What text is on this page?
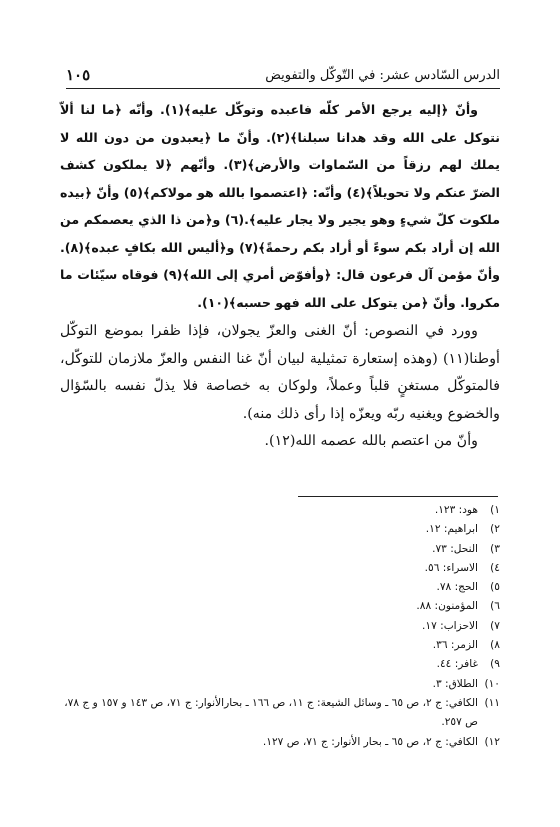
الدرس السّادس عشر: في التّوكّل والتفويض
١٠٥

وأنّ ﴿إليه يرجع الأمر كلّه فاعبده وتوكّل عليه﴾(١). وأنّه ﴿ما لنا ألاّ نتوكل على الله وقد هدانا سبلنا﴾(٢). وأنّ ما ﴿يعبدون من دون الله لا يملك لهم رزقاً من السّماوات والأرض﴾(٣). وأنّهم ﴿لا يملكون كشف الضرّ عنكم ولا تحويلاً﴾(٤) وأنّه: ﴿اعتصموا بالله هو مولاكم﴾(٥) وأنّ ﴿بيده ملكوت كلّ شيءٍ وهو يجير ولا يجار عليه﴾.(٦) و﴿من ذا الذي يعصمكم من الله إن أراد بكم سوءً أو أراد بكم رحمةً﴾(٧) و﴿أليس الله بكافٍ عبده﴾(٨). وأنّ مؤمن آل فرعون قال: ﴿وأفوّض أمري إلى الله﴾(٩) فوقاه سيّئات ما مكروا. وأنّ ﴿من يتوكل على الله فهو حسبه﴾(١٠).

وورد في النصوص: أنّ الغنى والعزّ يجولان، فإذا ظفرا بموضع التوكّل أوطنا(١١) (وهذه إستعارة تمثيلية لبيان أنّ غنا النفس والعزّ ملازمان للتوكّل، فالمتوكّل مستغنٍ قلباً وعملاً، ولوكان به خصاصة فلا يذلّ نفسه بالسّؤال والخضوع ويغنيه ربّه ويعزّه إذا رأى ذلك منه).

وأنّ من اعتصم بالله عصمه الله(١٢).

١)
هود: ١٢٣.
٢)
ابراهيم: ١٢.
٣)
النحل: ٧٣.
٤)
الاسراء: ٥٦.
٥)
الحج: ٧٨.
٦)
المؤمنون: ٨٨.
٧)
الاحزاب: ١٧.
٨)
الزمر: ٣٦.
٩)
غافر: ٤٤.
١٠)
الطلاق: ٣.
١١)
الكافي: ج ٢، ص ٦٥ ـ وسائل الشيعة: ج ١١، ص ١٦٦ ـ بحارالأنوار: ج ٧١، ص ١٤٣ و ١٥٧ و ج ٧٨، ص ٢٥٧.
١٢)
الكافي: ج ٢، ص ٦٥ ـ بحار الأنوار: ج ٧١، ص ١٢٧.
